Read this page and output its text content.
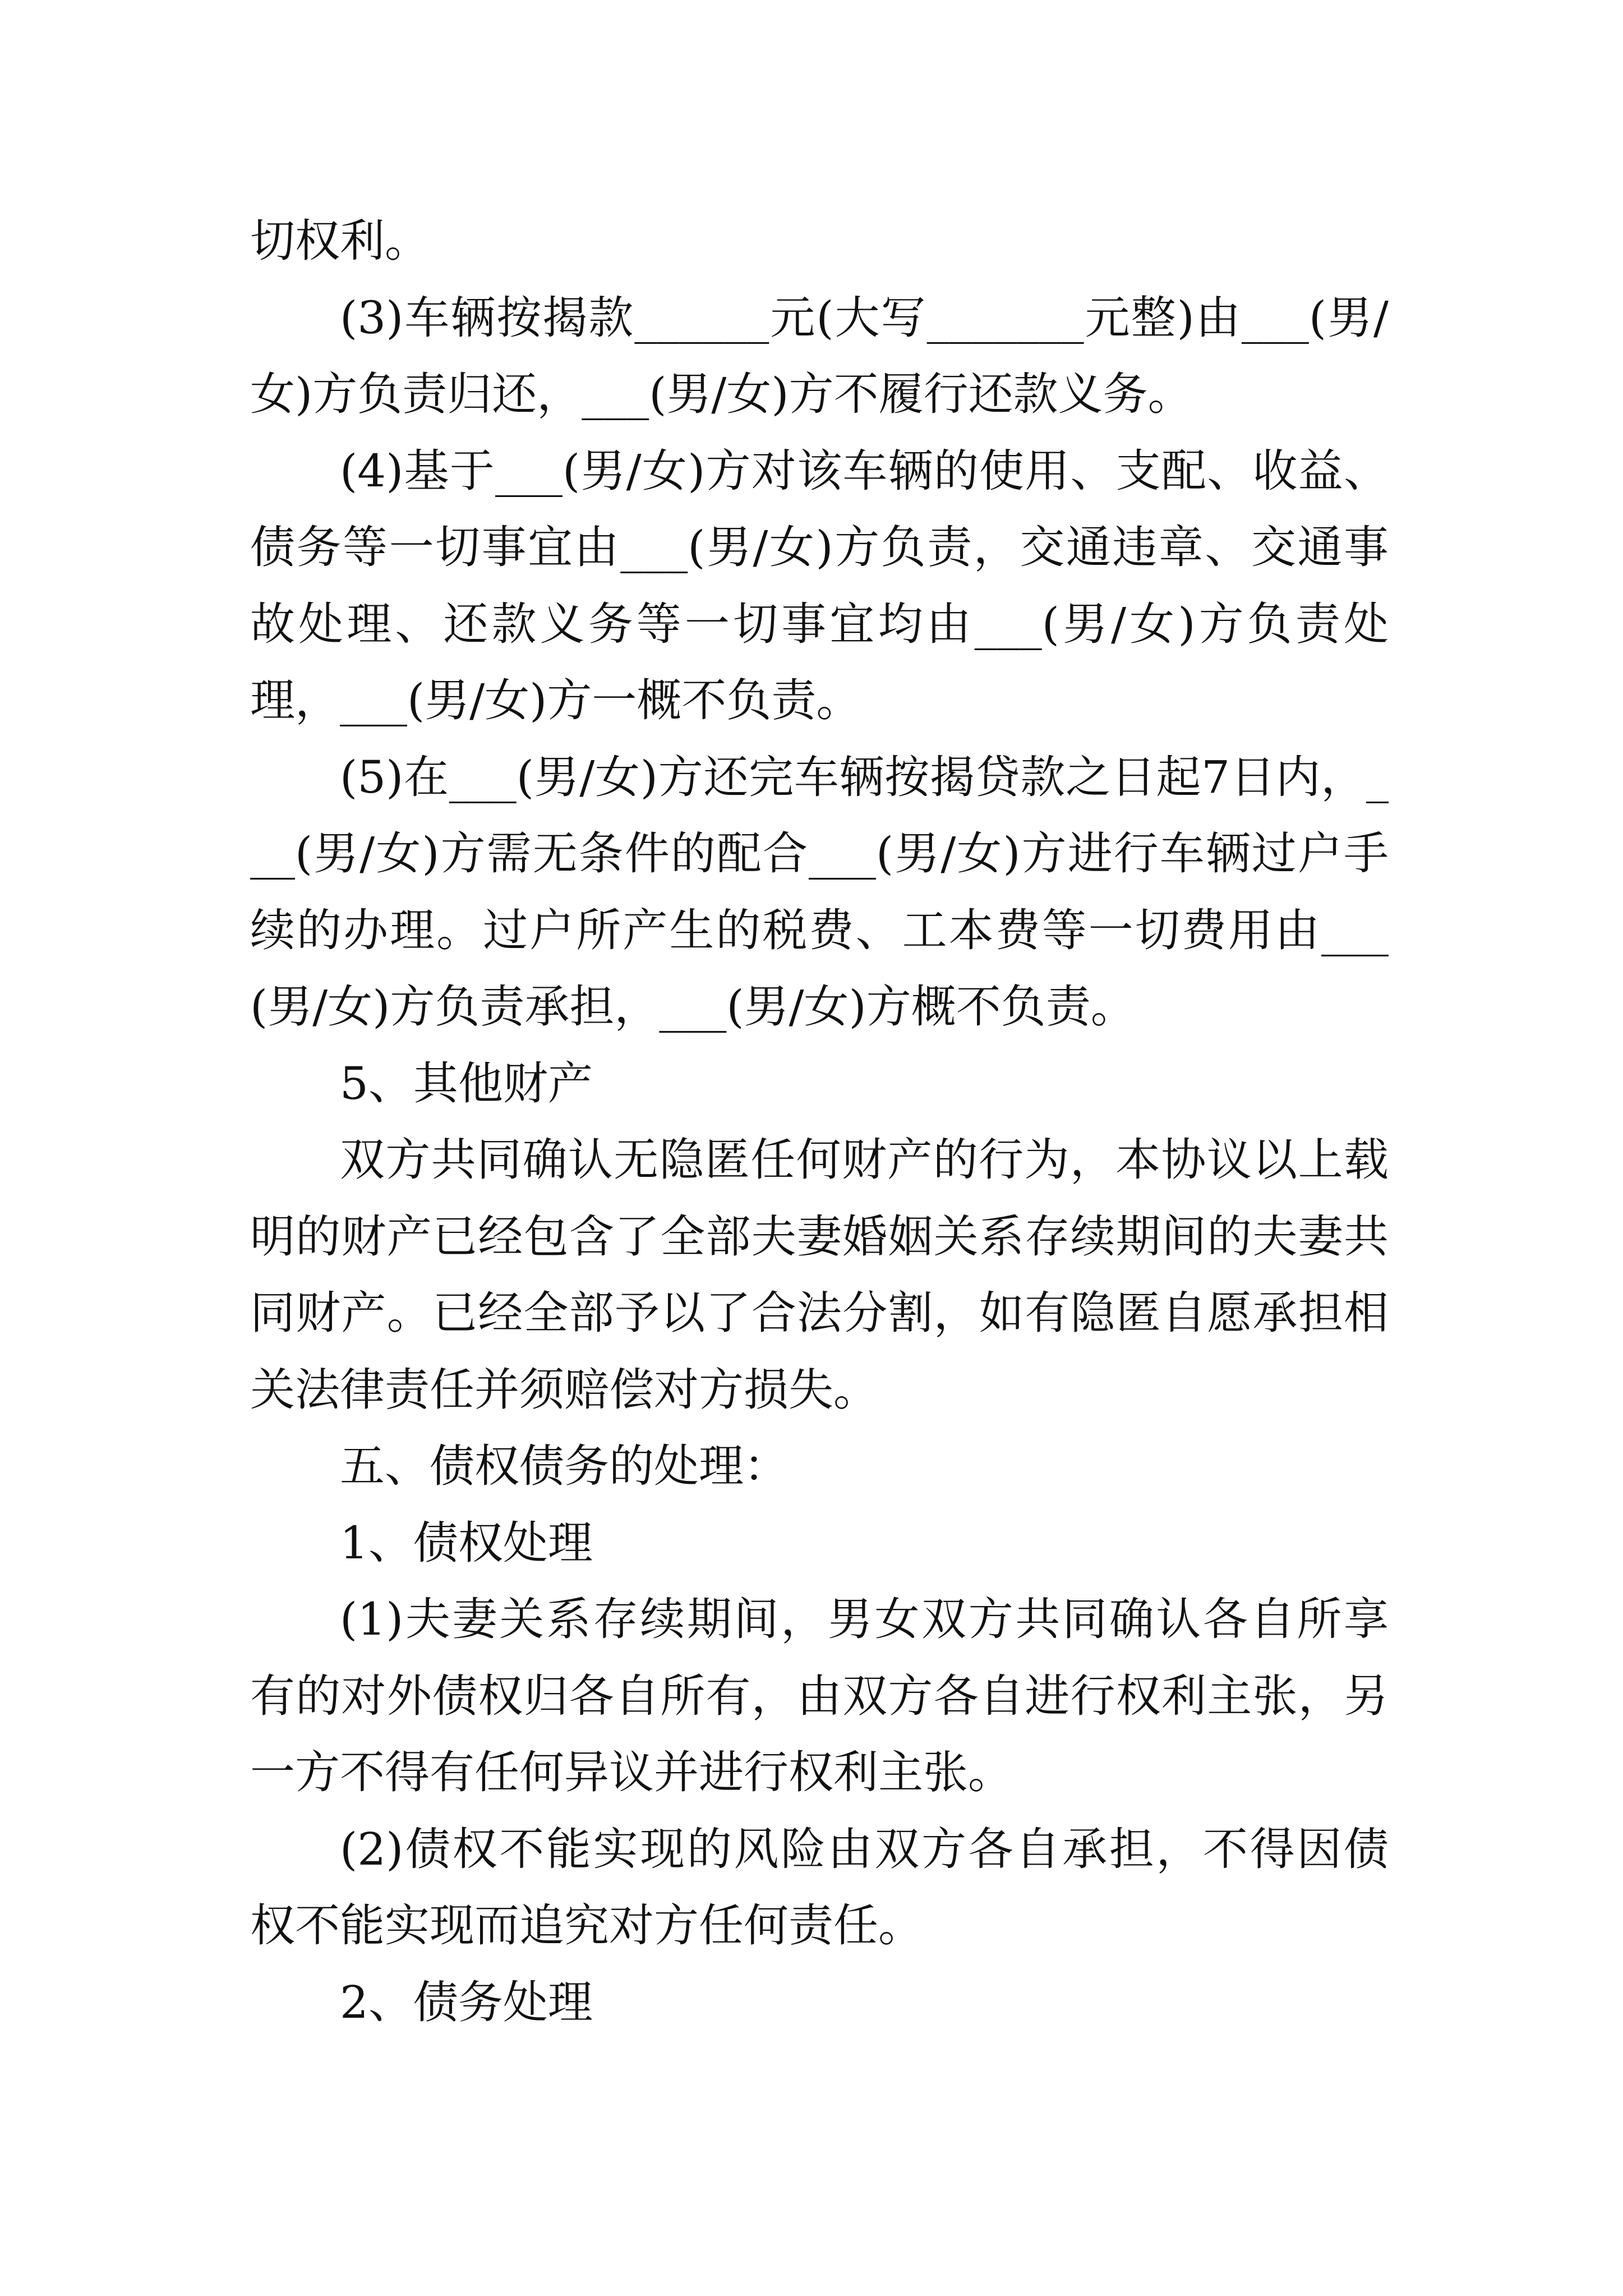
切权利。

(3)车辆按揭款______元(大写_______元整)由___(男/女)方负责归还，___(男/女)方不履行还款义务。

(4)基于___(男/女)方对该车辆的使用、支配、收益、债务等一切事宜由___(男/女)方负责，交通违章、交通事故处理、还款义务等一切事宜均由___(男/女)方负责处理，___(男/女)方一概不负责。

(5)在___(男/女)方还完车辆按揭贷款之日起7日内，___(男/女)方需无条件的配合___(男/女)方进行车辆过户手续的办理。过户所产生的税费、工本费等一切费用由___(男/女)方负责承担，___(男/女)方概不负责。

5、其他财产

双方共同确认无隐匿任何财产的行为，本协议以上载明的财产已经包含了全部夫妻婚姻关系存续期间的夫妻共同财产。已经全部予以了合法分割，如有隐匿自愿承担相关法律责任并须赔偿对方损失。

五、债权债务的处理：

1、债权处理

(1)夫妻关系存续期间，男女双方共同确认各自所享有的对外债权归各自所有，由双方各自进行权利主张，另一方不得有任何异议并进行权利主张。

(2)债权不能实现的风险由双方各自承担，不得因债权不能实现而追究对方任何责任。

2、债务处理
